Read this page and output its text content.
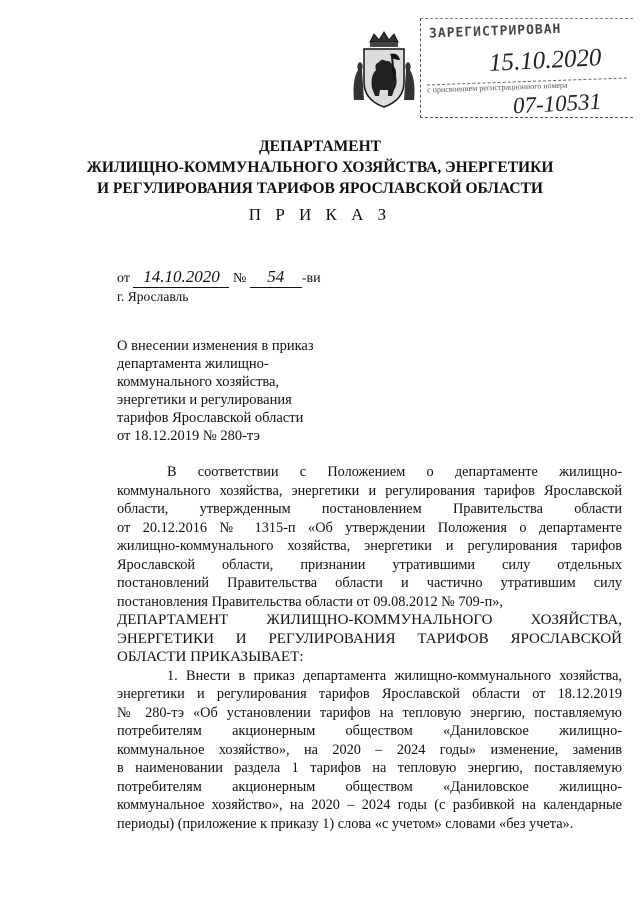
ЗАРЕГИСТРИРОВАН
15.10.2020
с присвоением регистрационного номера
07-10531
ДЕПАРТАМЕНТ
ЖИЛИЩНО-КОММУНАЛЬНОГО ХОЗЯЙСТВА, ЭНЕРГЕТИКИ
И РЕГУЛИРОВАНИЯ ТАРИФОВ ЯРОСЛАВСКОЙ ОБЛАСТИ
П Р И К А З
от 14.10.2020 № 54 -ви
г. Ярославль
О внесении изменения в приказ
департамента жилищно-
коммунального хозяйства,
энергетики и регулирования
тарифов Ярославской области
от 18.12.2019 № 280-тэ

В соответствии с Положением о департаменте жилищно-

коммунального хозяйства, энергетики и регулирования тарифов Ярославской

области, утвержденным постановлением Правительства области

от 20.12.2016 № 1315-п «Об утверждении Положения о департаменте

жилищно-коммунального хозяйства, энергетики и регулирования тарифов

Ярославской области, признании утратившими силу отдельных

постановлений Правительства области и частично утратившим силу

постановления Правительства области от 09.08.2012 № 709-п»,

ДЕПАРТАМЕНТ ЖИЛИЩНО-КОММУНАЛЬНОГО ХОЗЯЙСТВА,

ЭНЕРГЕТИКИ И РЕГУЛИРОВАНИЯ ТАРИФОВ ЯРОСЛАВСКОЙ

ОБЛАСТИ ПРИКАЗЫВАЕТ:

1. Внести в приказ департамента жилищно-коммунального хозяйства,

энергетики и регулирования тарифов Ярославской области от 18.12.2019

№ 280-тэ «Об установлении тарифов на тепловую энергию, поставляемую

потребителям акционерным обществом «Даниловское жилищно-

коммунальное хозяйство», на 2020 – 2024 годы» изменение, заменив

в наименовании раздела 1 тарифов на тепловую энергию, поставляемую

потребителям акционерным обществом «Даниловское жилищно-

коммунальное хозяйство», на 2020 – 2024 годы (с разбивкой на календарные

периоды) (приложение к приказу 1) слова «с учетом» словами «без учета».
